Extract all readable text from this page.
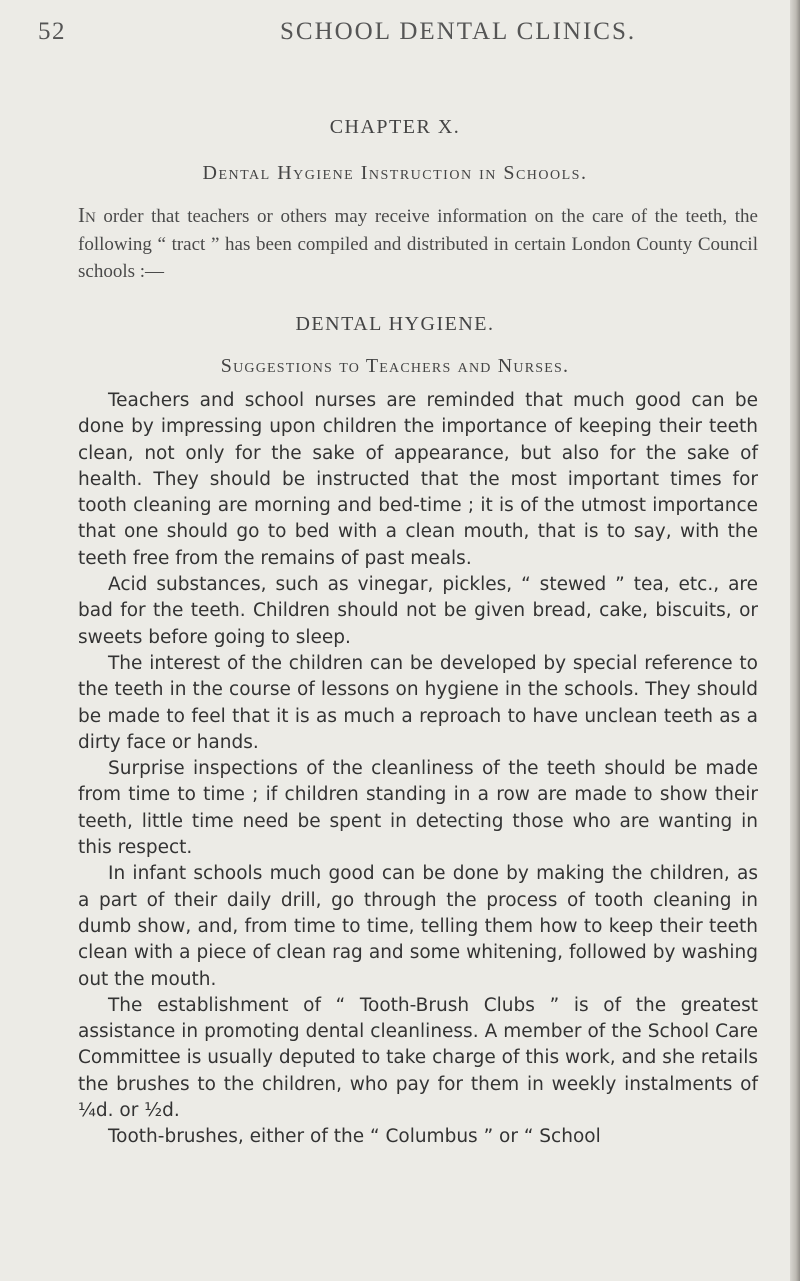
52	SCHOOL DENTAL CLINICS.
CHAPTER X.
Dental Hygiene Instruction in Schools.

In order that teachers or others may receive information on the care of the teeth, the following “ tract ” has been compiled and distributed in certain London County Council schools :—

DENTAL HYGIENE.
Suggestions to Teachers and Nurses.

Teachers and school nurses are reminded that much good can be done by impressing upon children the importance of keeping their teeth clean, not only for the sake of appearance, but also for the sake of health. They should be instructed that the most important times for tooth cleaning are morning and bed-time ; it is of the utmost importance that one should go to bed with a clean mouth, that is to say, with the teeth free from the remains of past meals.

Acid substances, such as vinegar, pickles, “ stewed ” tea, etc., are bad for the teeth. Children should not be given bread, cake, biscuits, or sweets before going to sleep.

The interest of the children can be developed by special reference to the teeth in the course of lessons on hygiene in the schools. They should be made to feel that it is as much a reproach to have unclean teeth as a dirty face or hands.

Surprise inspections of the cleanliness of the teeth should be made from time to time ; if children standing in a row are made to show their teeth, little time need be spent in detecting those who are wanting in this respect.

In infant schools much good can be done by making the children, as a part of their daily drill, go through the process of tooth cleaning in dumb show, and, from time to time, telling them how to keep their teeth clean with a piece of clean rag and some whitening, followed by washing out the mouth.

The establishment of “ Tooth-Brush Clubs ” is of the greatest assistance in promoting dental cleanliness. A member of the School Care Committee is usually deputed to take charge of this work, and she retails the brushes to the children, who pay for them in weekly instalments of ¼d. or ½d.

Tooth-brushes, either of the “ Columbus ” or “ School
